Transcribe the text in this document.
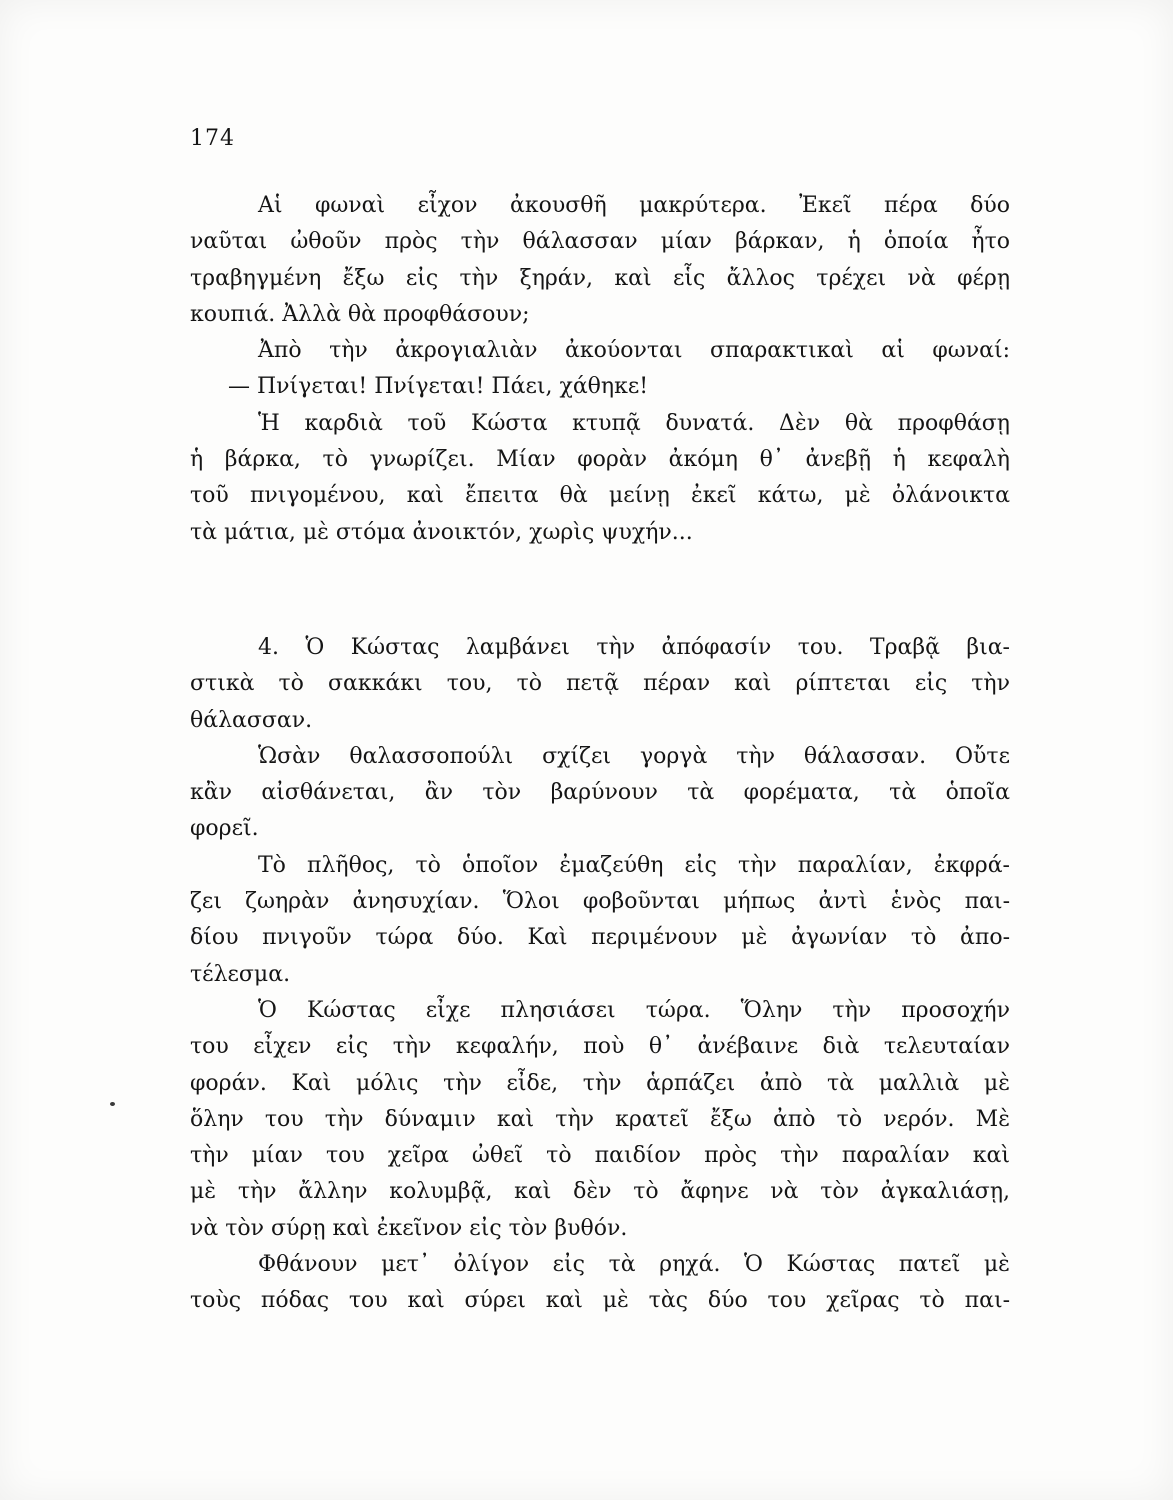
174
Αἱ φωναὶ εἶχον ἀκουσθῆ μακρύτερα. Ἐκεῖ πέρα δύο
ναῦται ὠθοῦν πρὸς τὴν θάλασσαν μίαν βάρκαν, ἡ ὁποία ἦτο
τραβηγμένη ἔξω εἰς τὴν ξηράν, καὶ εἷς ἄλλος τρέχει νὰ φέρῃ
κουπιά. Ἀλλὰ θὰ προφθάσουν;
Ἀπὸ τὴν ἀκρογιαλιὰν ἀκούονται σπαρακτικαὶ αἱ φωναί:
— Πνίγεται! Πνίγεται! Πάει, χάθηκε!
Ἡ καρδιὰ τοῦ Κώστα κτυπᾷ δυνατά. Δὲν θὰ προφθάσῃ
ἡ βάρκα, τὸ γνωρίζει. Μίαν φορὰν ἀκόμη θ᾿ ἀνεβῇ ἡ κεφαλὴ
τοῦ πνιγομένου, καὶ ἔπειτα θὰ μείνῃ ἐκεῖ κάτω, μὲ ὀλάνοικτα
τὰ μάτια, μὲ στόμα ἀνοικτόν, χωρὶς ψυχήν...
4. Ὁ Κώστας λαμβάνει τὴν ἀπόφασίν του. Τραβᾷ βια-
στικὰ τὸ σακκάκι του, τὸ πετᾷ πέραν καὶ ρίπτεται εἰς τὴν
θάλασσαν.
Ὡσὰν θαλασσοπούλι σχίζει γοργὰ τὴν θάλασσαν. Οὔτε
κἂν αἰσθάνεται, ἂν τὸν βαρύνουν τὰ φορέματα, τὰ ὁποῖα
φορεῖ.
Τὸ πλῆθος, τὸ ὁποῖον ἐμαζεύθη εἰς τὴν παραλίαν, ἐκφρά-
ζει ζωηρὰν ἀνησυχίαν. Ὅλοι φοβοῦνται μήπως ἀντὶ ἑνὸς παι-
δίου πνιγοῦν τώρα δύο. Καὶ περιμένουν μὲ ἀγωνίαν τὸ ἀπο-
τέλεσμα.
Ὁ Κώστας εἶχε πλησιάσει τώρα. Ὅλην τὴν προσοχήν
του εἶχεν εἰς τὴν κεφαλήν, ποὺ θ᾿ ἀνέβαινε διὰ τελευταίαν
φοράν. Καὶ μόλις τὴν εἶδε, τὴν ἁρπάζει ἀπὸ τὰ μαλλιὰ μὲ
ὅλην του τὴν δύναμιν καὶ τὴν κρατεῖ ἔξω ἀπὸ τὸ νερόν. Μὲ
τὴν μίαν του χεῖρα ὠθεῖ τὸ παιδίον πρὸς τὴν παραλίαν καὶ
μὲ τὴν ἄλλην κολυμβᾷ, καὶ δὲν τὸ ἄφηνε νὰ τὸν ἀγκαλιάσῃ,
νὰ τὸν σύρῃ καὶ ἐκεῖνον εἰς τὸν βυθόν.
Φθάνουν μετ᾿ ὀλίγον εἰς τὰ ρηχά. Ὁ Κώστας πατεῖ μὲ
τοὺς πόδας του καὶ σύρει καὶ μὲ τὰς δύο του χεῖρας τὸ παι-
